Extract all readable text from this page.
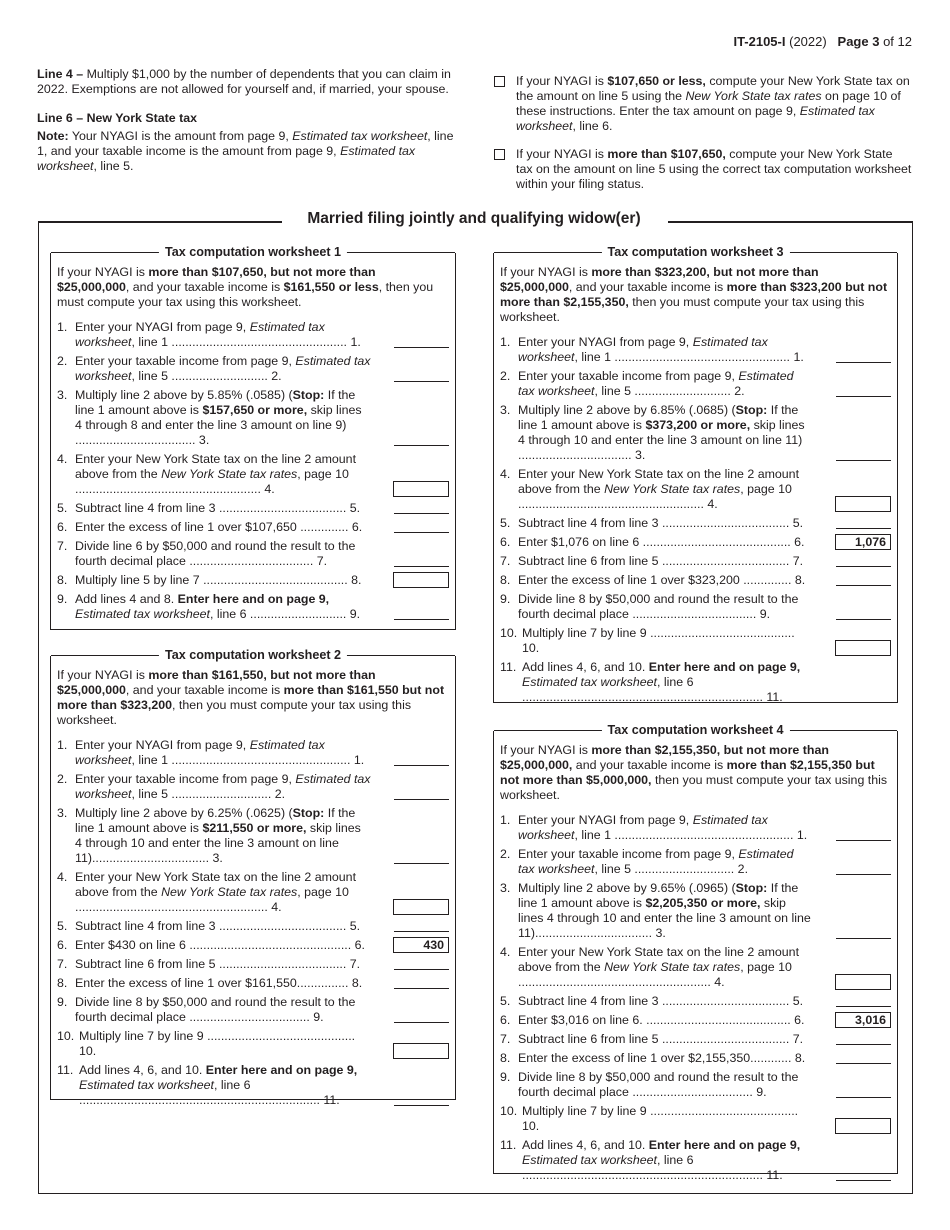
IT-2105-I (2022) Page 3 of 12

Line 4 – Multiply $1,000 by the number of dependents that you can claim in 2022. Exemptions are not allowed for yourself and, if married, your spouse.

Line 6 – New York State tax

Note: Your NYAGI is the amount from page 9, Estimated tax worksheet, line 1, and your taxable income is the amount from page 9, Estimated tax worksheet, line 5.

If your NYAGI is $107,650 or less, compute your New York State tax on the amount on line 5 using the New York State tax rates on page 10 of these instructions. Enter the tax amount on page 9, Estimated tax worksheet, line 6.
If your NYAGI is more than $107,650, compute your New York State tax on the amount on line 5 using the correct tax computation worksheet within your filing status.
Married filing jointly and qualifying widow(er)
Tax computation worksheet 1
If your NYAGI is more than $107,650, but not more than $25,000,000, and your taxable income is $161,550 or less, then you must compute your tax using this worksheet.
1. Enter your NYAGI from page 9, Estimated tax worksheet, line 1 ................................................... 1.
2. Enter your taxable income from page 9, Estimated tax worksheet, line 5 ............................ 2.
3. Multiply line 2 above by 5.85% (.0585) (Stop: If the line 1 amount above is $157,650 or more, skip lines 4 through 8 and enter the line 3 amount on line 9) ................................... 3.
4. Enter your New York State tax on the line 2 amount above from the New York State tax rates, page 10 ...................................................... 4.
5. Subtract line 4 from line 3 ..................................... 5.
6. Enter the excess of line 1 over $107,650 .............. 6.
7. Divide line 6 by $50,000 and round the result to the fourth decimal place .................................... 7.
8. Multiply line 5 by line 7 .......................................... 8.
9. Add lines 4 and 8. Enter here and on page 9, Estimated tax worksheet, line 6 ............................ 9.
Tax computation worksheet 2
If your NYAGI is more than $161,550, but not more than $25,000,000, and your taxable income is more than $161,550 but not more than $323,200, then you must compute your tax using this worksheet.
1. Enter your NYAGI from page 9, Estimated tax worksheet, line 1 .................................................... 1.
2. Enter your taxable income from page 9, Estimated tax worksheet, line 5 ............................. 2.
3. Multiply line 2 above by 6.25% (.0625) (Stop: If the line 1 amount above is $211,550 or more, skip lines 4 through 10 and enter the line 3 amount on line 11).................................. 3.
4. Enter your New York State tax on the line 2 amount above from the New York State tax rates, page 10 ........................................................ 4.
5. Subtract line 4 from line 3 ..................................... 5.
6. Enter $430 on line 6 ............................................... 6.	430
7. Subtract line 6 from line 5 ..................................... 7.
8. Enter the excess of line 1 over $161,550............... 8.
9. Divide line 8 by $50,000 and round the result to the fourth decimal place ................................... 9.
10. Multiply line 7 by line 9 ........................................... 10.
11. Add lines 4, 6, and 10. Enter here and on page 9, Estimated tax worksheet, line 6 ...................................................................... 11.
Tax computation worksheet 3
If your NYAGI is more than $323,200, but not more than $25,000,000, and your taxable income is more than $323,200 but not more than $2,155,350, then you must compute your tax using this worksheet.
1. Enter your NYAGI from page 9, Estimated tax worksheet, line 1 ................................................... 1.
2. Enter your taxable income from page 9, Estimated tax worksheet, line 5 ............................ 2.
3. Multiply line 2 above by 6.85% (.0685) (Stop: If the line 1 amount above is $373,200 or more, skip lines 4 through 10 and enter the line 3 amount on line 11) ................................. 3.
4. Enter your New York State tax on the line 2 amount above from the New York State tax rates, page 10 ...................................................... 4.
5. Subtract line 4 from line 3 ..................................... 5.
6. Enter $1,076 on line 6 ........................................... 6.	1,076
7. Subtract line 6 from line 5 ..................................... 7.
8. Enter the excess of line 1 over $323,200 .............. 8.
9. Divide line 8 by $50,000 and round the result to the fourth decimal place .................................... 9.
10. Multiply line 7 by line 9 .......................................... 10.
11. Add lines 4, 6, and 10. Enter here and on page 9, Estimated tax worksheet, line 6 ...................................................................... 11.
Tax computation worksheet 4
If your NYAGI is more than $2,155,350, but not more than $25,000,000, and your taxable income is more than $2,155,350 but not more than $5,000,000, then you must compute your tax using this worksheet.
1. Enter your NYAGI from page 9, Estimated tax worksheet, line 1 .................................................... 1.
2. Enter your taxable income from page 9, Estimated tax worksheet, line 5 ............................. 2.
3. Multiply line 2 above by 9.65% (.0965) (Stop: If the line 1 amount above is $2,205,350 or more, skip lines 4 through 10 and enter the line 3 amount on line 11).................................. 3.
4. Enter your New York State tax on the line 2 amount above from the New York State tax rates, page 10 ........................................................ 4.
5. Subtract line 4 from line 3 ..................................... 5.
6. Enter $3,016 on line 6. .......................................... 6.	3,016
7. Subtract line 6 from line 5 ..................................... 7.
8. Enter the excess of line 1 over $2,155,350............ 8.
9. Divide line 8 by $50,000 and round the result to the fourth decimal place ................................... 9.
10. Multiply line 7 by line 9 ........................................... 10.
11. Add lines 4, 6, and 10. Enter here and on page 9, Estimated tax worksheet, line 6 ...................................................................... 11.
